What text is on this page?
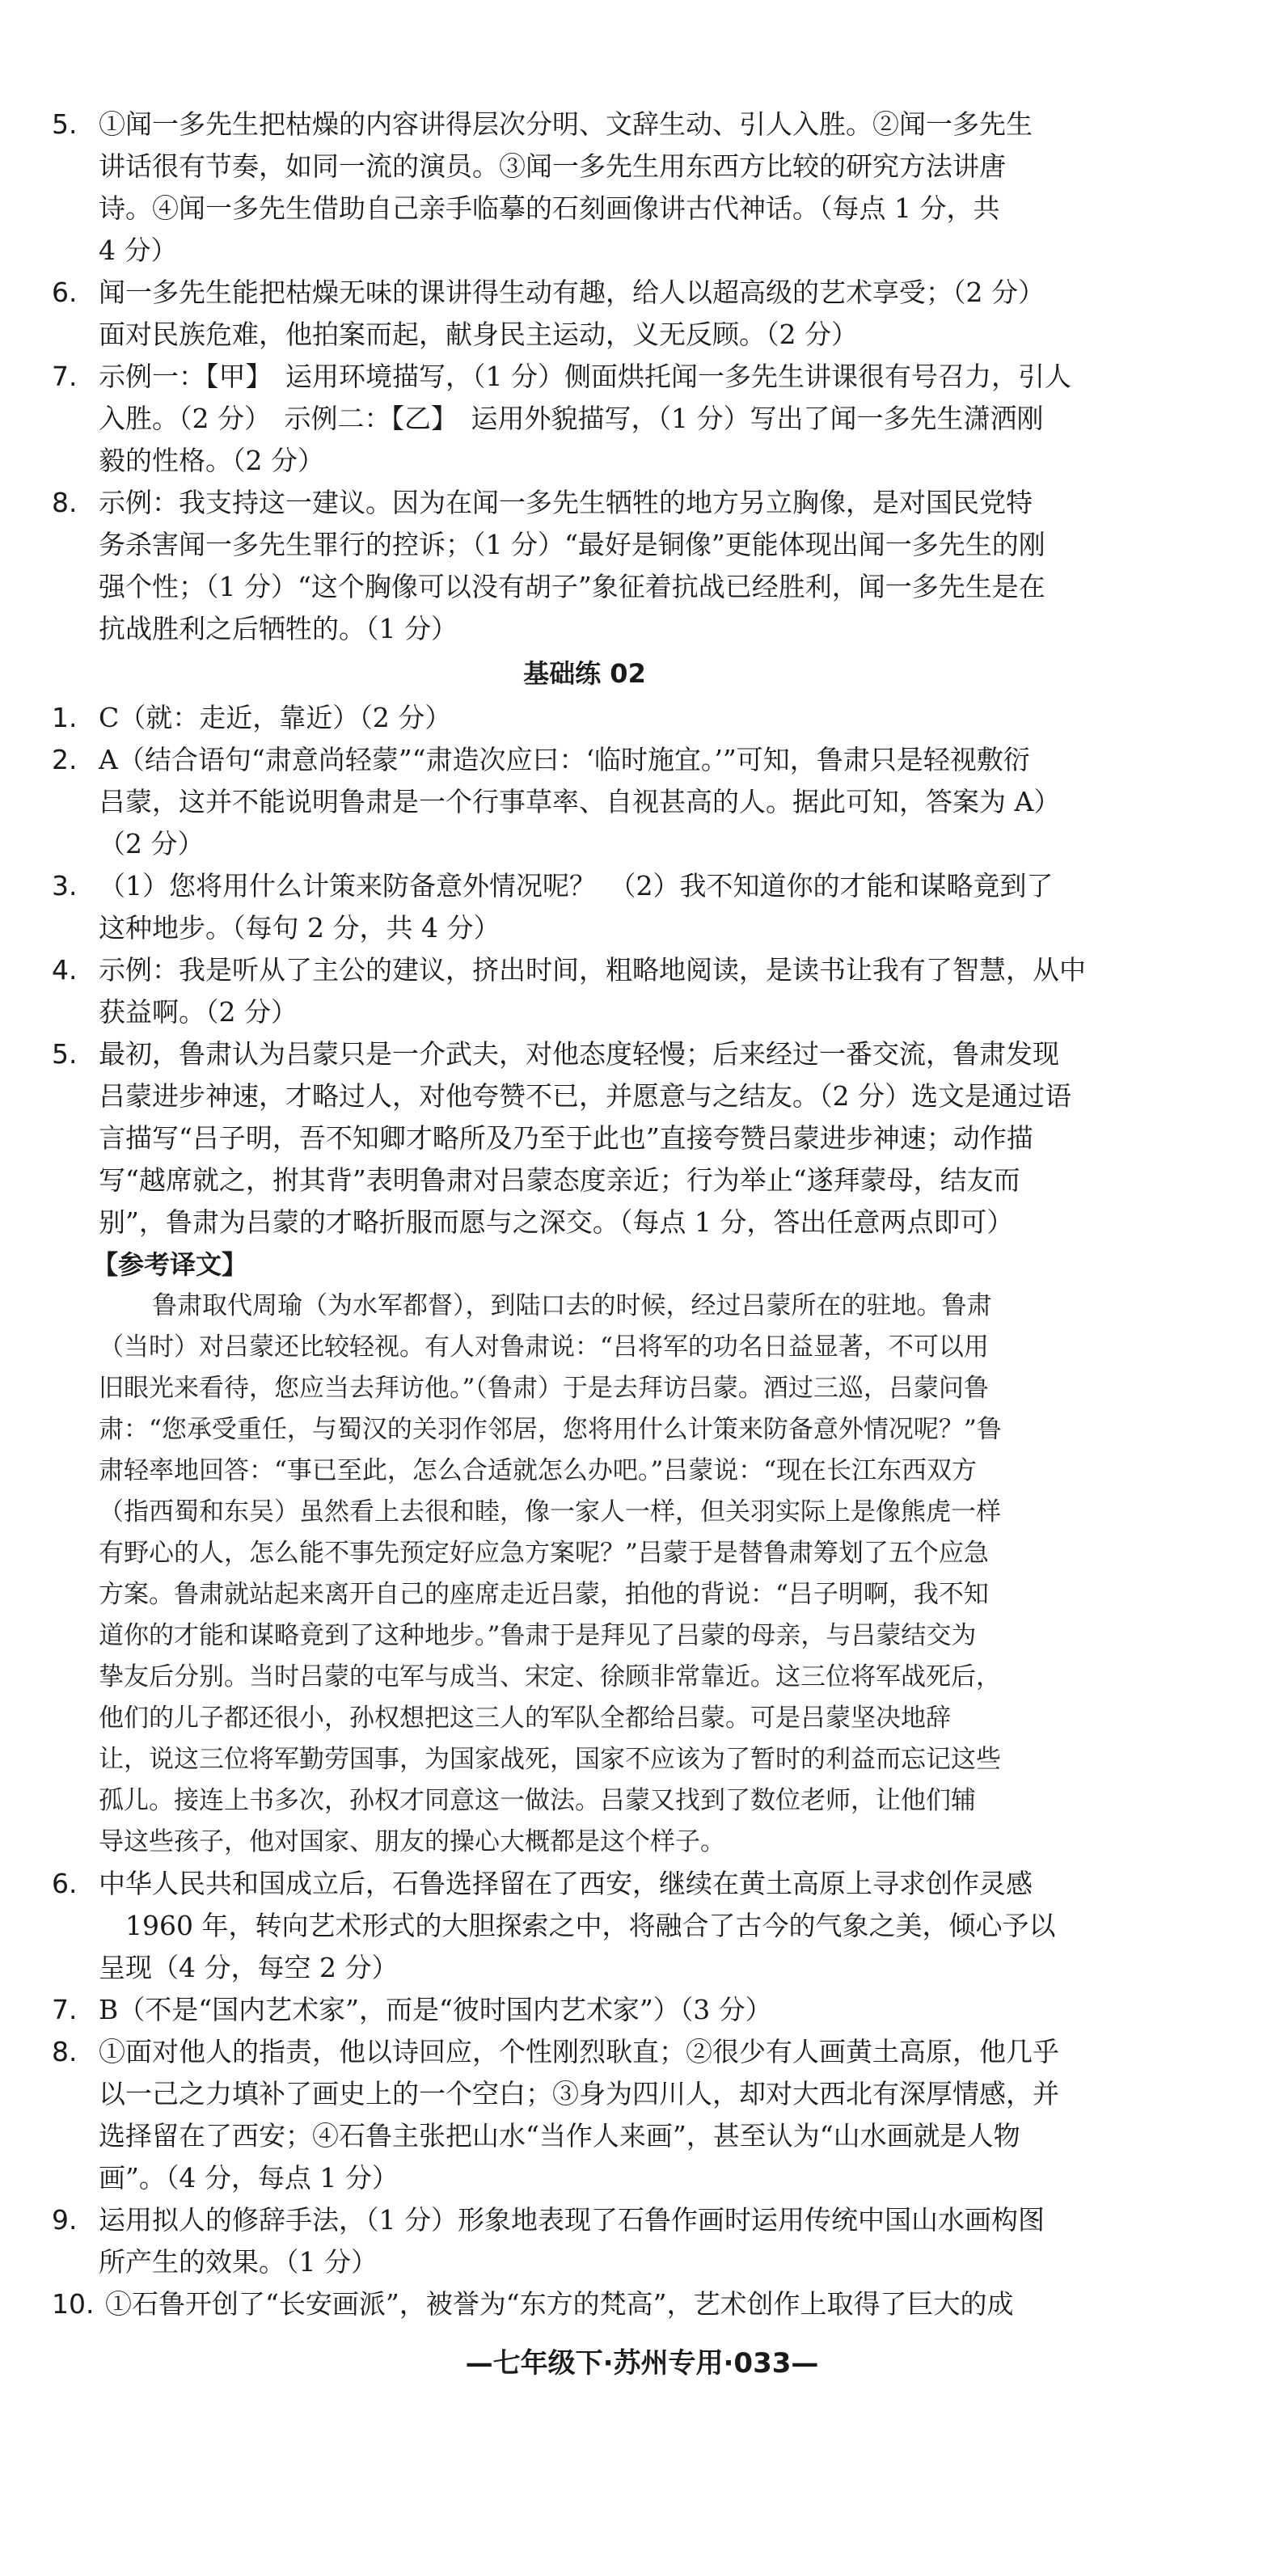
5. ①闻一多先生把枯燥的内容讲得层次分明、文辞生动、引人入胜。②闻一多先生
讲话很有节奏，如同一流的演员。③闻一多先生用东西方比较的研究方法讲唐
诗。④闻一多先生借助自己亲手临摹的石刻画像讲古代神话。（每点 1 分，共
4 分）
6. 闻一多先生能把枯燥无味的课讲得生动有趣，给人以超高级的艺术享受；（2 分）
面对民族危难，他拍案而起，献身民主运动，义无反顾。（2 分）
7. 示例一：【甲】　运用环境描写，（1 分）侧面烘托闻一多先生讲课很有号召力，引人
入胜。（2 分）　示例二：【乙】　运用外貌描写，（1 分）写出了闻一多先生潇洒刚
毅的性格。（2 分）
8. 示例：我支持这一建议。因为在闻一多先生牺牲的地方另立胸像，是对国民党特
务杀害闻一多先生罪行的控诉；（1 分）“最好是铜像”更能体现出闻一多先生的刚
强个性；（1 分）“这个胸像可以没有胡子”象征着抗战已经胜利，闻一多先生是在
抗战胜利之后牺牲的。（1 分）
基础练 02
1. C（就：走近，靠近）（2 分）
2. A（结合语句“肃意尚轻蒙”“肃造次应曰：‘临时施宜。’”可知，鲁肃只是轻视敷衍
吕蒙，这并不能说明鲁肃是一个行事草率、自视甚高的人。据此可知，答案为 A）
（2 分）
3. （1）您将用什么计策来防备意外情况呢？　（2）我不知道你的才能和谋略竟到了
这种地步。（每句 2 分，共 4 分）
4. 示例：我是听从了主公的建议，挤出时间，粗略地阅读，是读书让我有了智慧，从中
获益啊。（2 分）
5. 最初，鲁肃认为吕蒙只是一介武夫，对他态度轻慢；后来经过一番交流，鲁肃发现
吕蒙进步神速，才略过人，对他夸赞不已，并愿意与之结友。（2 分）选文是通过语
言描写“吕子明，吾不知卿才略所及乃至于此也”直接夸赞吕蒙进步神速；动作描
写“越席就之，拊其背”表明鲁肃对吕蒙态度亲近；行为举止“遂拜蒙母，结友而
别”，鲁肃为吕蒙的才略折服而愿与之深交。（每点 1 分，答出任意两点即可）
【参考译文】
鲁肃取代周瑜（为水军都督），到陆口去的时候，经过吕蒙所在的驻地。鲁肃
（当时）对吕蒙还比较轻视。有人对鲁肃说：“吕将军的功名日益显著，不可以用
旧眼光来看待，您应当去拜访他。”（鲁肃）于是去拜访吕蒙。酒过三巡，吕蒙问鲁
肃：“您承受重任，与蜀汉的关羽作邻居，您将用什么计策来防备意外情况呢？”鲁
肃轻率地回答：“事已至此，怎么合适就怎么办吧。”吕蒙说：“现在长江东西双方
（指西蜀和东吴）虽然看上去很和睦，像一家人一样，但关羽实际上是像熊虎一样
有野心的人，怎么能不事先预定好应急方案呢？”吕蒙于是替鲁肃筹划了五个应急
方案。鲁肃就站起来离开自己的座席走近吕蒙，拍他的背说：“吕子明啊，我不知
道你的才能和谋略竟到了这种地步。”鲁肃于是拜见了吕蒙的母亲，与吕蒙结交为
挚友后分别。当时吕蒙的屯军与成当、宋定、徐顾非常靠近。这三位将军战死后，
他们的儿子都还很小，孙权想把这三人的军队全都给吕蒙。可是吕蒙坚决地辞
让，说这三位将军勤劳国事，为国家战死，国家不应该为了暂时的利益而忘记这些
孤儿。接连上书多次，孙权才同意这一做法。吕蒙又找到了数位老师，让他们辅
导这些孩子，他对国家、朋友的操心大概都是这个样子。
6. 中华人民共和国成立后，石鲁选择留在了西安，继续在黄土高原上寻求创作灵感
　1960 年，转向艺术形式的大胆探索之中，将融合了古今的气象之美，倾心予以
呈现（4 分，每空 2 分）
7. B（不是“国内艺术家”，而是“彼时国内艺术家”）（3 分）
8. ①面对他人的指责，他以诗回应，个性刚烈耿直；②很少有人画黄土高原，他几乎
以一己之力填补了画史上的一个空白；③身为四川人，却对大西北有深厚情感，并
选择留在了西安；④石鲁主张把山水“当作人来画”，甚至认为“山水画就是人物
画”。（4 分，每点 1 分）
9. 运用拟人的修辞手法，（1 分）形象地表现了石鲁作画时运用传统中国山水画构图
所产生的效果。（1 分）
10. ①石鲁开创了“长安画派”，被誉为“东方的梵高”，艺术创作上取得了巨大的成
—七年级下·苏州专用·033—
